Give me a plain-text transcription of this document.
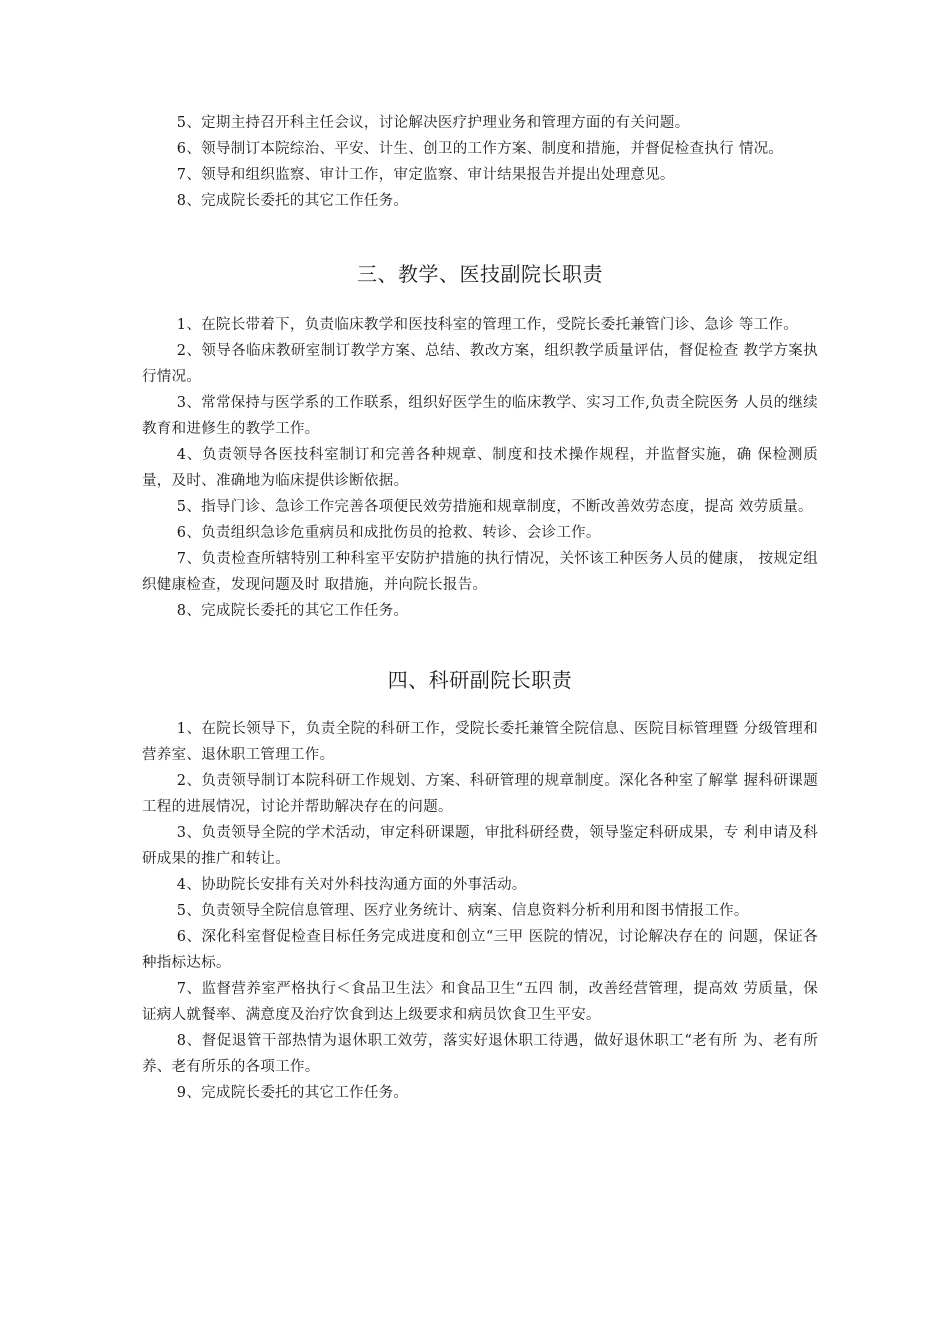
5、定期主持召开科主任会议，讨论解决医疗护理业务和管理方面的有关问题。

6、领导制订本院综治、平安、计生、创卫的工作方案、制度和措施，并督促检查执行 情况。

7、领导和组织监察、审计工作，审定监察、审计结果报告并提出处理意见。

8、完成院长委托的其它工作任务。

三、教学、医技副院长职责

1、在院长带着下，负责临床教学和医技科室的管理工作，受院长委托兼管门诊、急诊 等工作。

2、领导各临床教研室制订教学方案、总结、教改方案，组织教学质量评估，督促检查 教学方案执行情况。

3、常常保持与医学系的工作联系，组织好医学生的临床教学、实习工作,负责全院医务 人员的继续教育和进修生的教学工作。

4、负责领导各医技科室制订和完善各种规章、制度和技术操作规程，并监督实施，确 保检测质量，及时、准确地为临床提供诊断依据。

5、指导门诊、急诊工作完善各项便民效劳措施和规章制度，不断改善效劳态度，提高 效劳质量。

6、负责组织急诊危重病员和成批伤员的抢救、转诊、会诊工作。

7、负责检查所辖特别工种科室平安防护措施的执行情况，关怀该工种医务人员的健康， 按规定组织健康检查，发现问题及时 取措施，并向院长报告。

8、完成院长委托的其它工作任务。

四、科研副院长职责

1、在院长领导下，负责全院的科研工作，受院长委托兼管全院信息、医院目标管理暨 分级管理和营养室、退休职工管理工作。

2、负责领导制订本院科研工作规划、方案、科研管理的规章制度。深化各种室了解掌 握科研课题工程的进展情况，讨论并帮助解决存在的问题。

3、负责领导全院的学术活动，审定科研课题，审批科研经费，领导鉴定科研成果，专 利申请及科研成果的推广和转让。

4、协助院长安排有关对外科技沟通方面的外事活动。

5、负责领导全院信息管理、医疗业务统计、病案、信息资料分析利用和图书情报工作。

6、深化科室督促检查目标任务完成进度和创立“三甲 医院的情况，讨论解决存在的 问题，保证各种指标达标。

7、监督营养室严格执行＜食品卫生法〉和食品卫生“五四 制，改善经营管理，提高效 劳质量，保证病人就餐率、满意度及治疗饮食到达上级要求和病员饮食卫生平安。

8、督促退管干部热情为退休职工效劳，落实好退休职工待遇，做好退休职工“老有所 为、老有所养、老有所乐的各项工作。

9、完成院长委托的其它工作任务。
